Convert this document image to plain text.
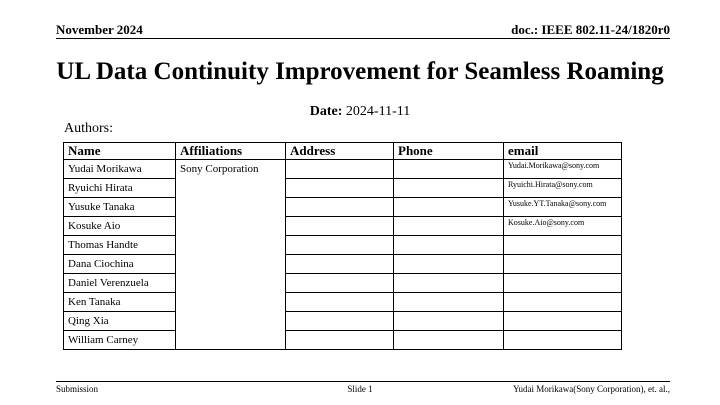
November 2024	doc.: IEEE 802.11-24/1820r0
UL Data Continuity Improvement for Seamless Roaming
Date: 2024-11-11
Authors:
Name	Affiliations	Address	Phone	email
Yudai Morikawa	Sony Corporation			Yudai.Morikawa@sony.com
Ryuichi Hirata				Ryuichi.Hirata@sony.com
Yusuke Tanaka				Yusuke.YT.Tanaka@sony.com
Kosuke Aio				Kosuke.Aio@sony.com
Thomas Handte				
Dana Ciochina				
Daniel Verenzuela				
Ken Tanaka				
Qing Xia				
William Carney				
Submission	Slide 1	Yudai Morikawa(Sony Corporation), et. al.,
